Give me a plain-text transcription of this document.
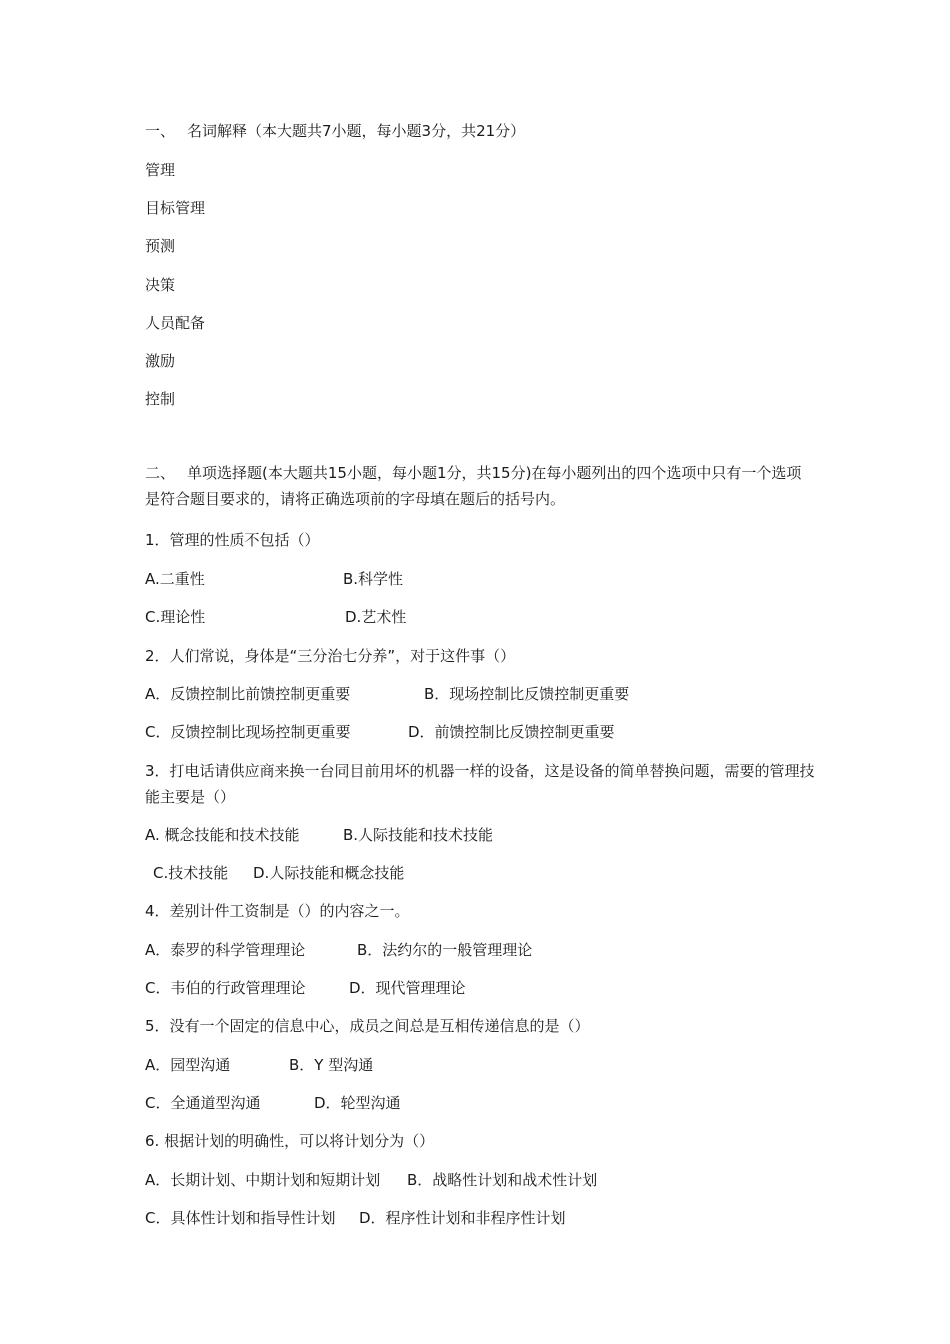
一、 名词解释（本大题共7小题，每小题3分，共21分）
管理
目标管理
预测
决策
人员配备
激励
控制
二、 单项选择题(本大题共15小题，每小题1分，共15分)在每小题列出的四个选项中只有一个选项是符合题目要求的，请将正确选项前的字母填在题后的括号内。
1．管理的性质不包括（）
A.二重性	B.科学性
C.理论性	D.艺术性
2．人们常说，身体是“三分治七分养”，对于这件事（）
A．反馈控制比前馈控制更重要	B．现场控制比反馈控制更重要
C．反馈控制比现场控制更重要	D．前馈控制比反馈控制更重要
3．打电话请供应商来换一台同目前用坏的机器一样的设备，这是设备的简单替换问题，需要的管理技能主要是（）
A. 概念技能和技术技能	B.人际技能和技术技能
C.技术技能 D.人际技能和概念技能
4．差别计件工资制是（）的内容之一。
A．泰罗的科学管理理论	B．法约尔的一般管理理论
C．韦伯的行政管理理论	D．现代管理理论
5．没有一个固定的信息中心，成员之间总是互相传递信息的是（）
A．园型沟通	B．Y 型沟通
C．全通道型沟通	D．轮型沟通
6. 根据计划的明确性，可以将计划分为（）
A．长期计划、中期计划和短期计划 B．战略性计划和战术性计划
C．具体性计划和指导性计划 D．程序性计划和非程序性计划
